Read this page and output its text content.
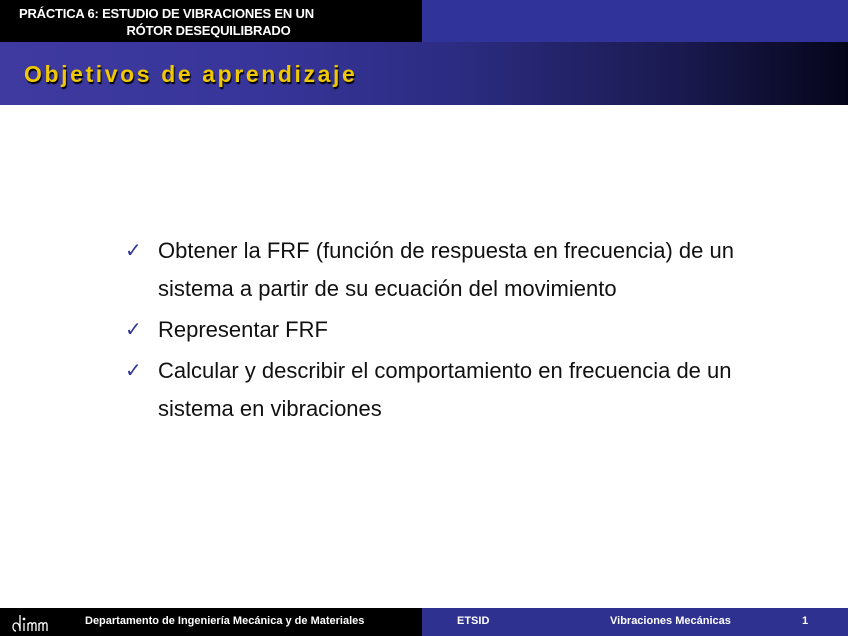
PRÁCTICA 6: ESTUDIO DE VIBRACIONES EN UN
RÓTOR DESEQUILIBRADO
Objetivos de aprendizaje
✓ Obtener la FRF (función de respuesta en frecuencia) de un sistema a partir de su ecuación del movimiento
✓ Representar FRF
✓ Calcular y describir el comportamiento en frecuencia de un sistema en vibraciones
Departamento de Ingeniería Mecánica y de Materiales	ETSID	Vibraciones Mecánicas	1
